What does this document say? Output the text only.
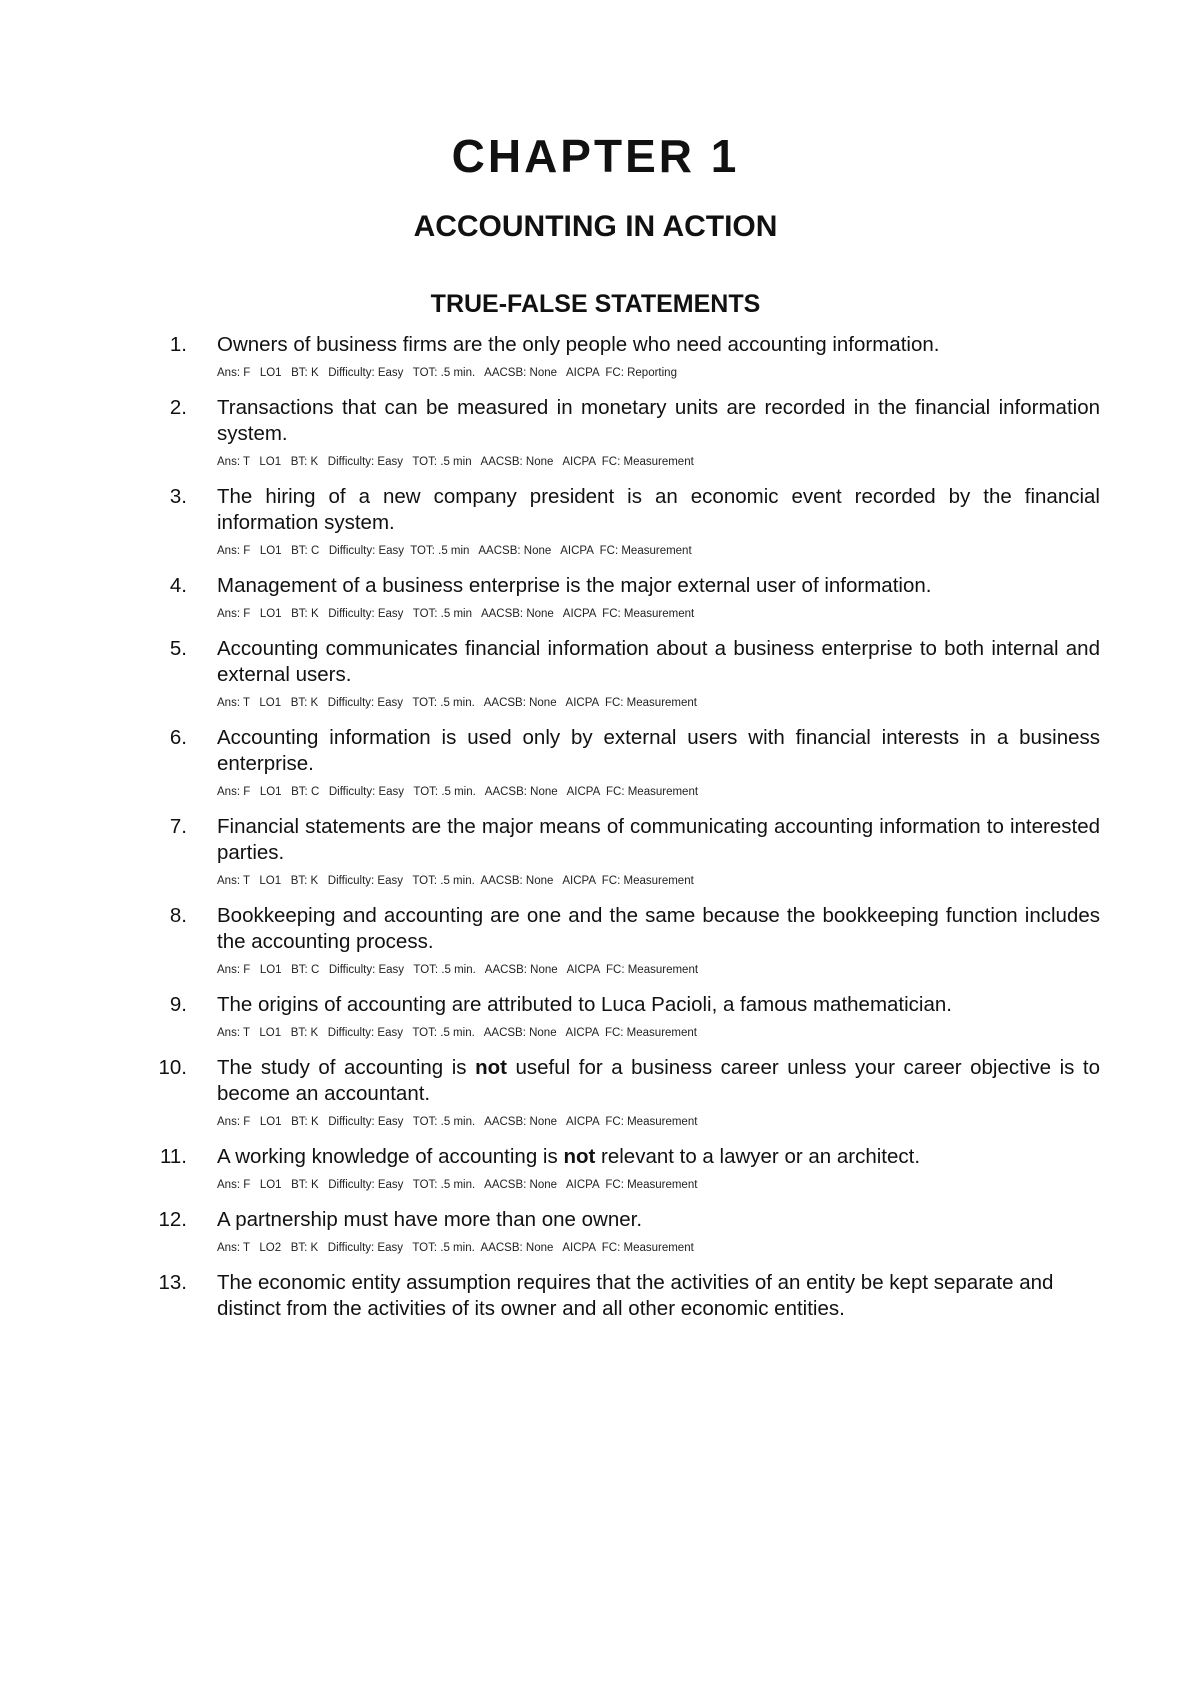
CHAPTER 1
ACCOUNTING IN ACTION
TRUE-FALSE STATEMENTS
1. Owners of business firms are the only people who need accounting information.
Ans: F   LO1   BT: K   Difficulty: Easy   TOT: .5 min.   AACSB: None   AICPA  FC: Reporting
2. Transactions that can be measured in monetary units are recorded in the financial information system.
Ans: T   LO1   BT: K   Difficulty: Easy   TOT: .5 min   AACSB: None   AICPA  FC: Measurement
3. The hiring of a new company president is an economic event recorded by the financial information system.
Ans: F   LO1   BT: C   Difficulty: Easy  TOT: .5 min   AACSB: None   AICPA  FC: Measurement
4. Management of a business enterprise is the major external user of information.
Ans: F   LO1   BT: K   Difficulty: Easy   TOT: .5 min   AACSB: None   AICPA  FC: Measurement
5. Accounting communicates financial information about a business enterprise to both internal and external users.
Ans: T   LO1   BT: K   Difficulty: Easy   TOT: .5 min.   AACSB: None   AICPA  FC: Measurement
6. Accounting information is used only by external users with financial interests in a business enterprise.
Ans: F   LO1   BT: C   Difficulty: Easy   TOT: .5 min.   AACSB: None   AICPA  FC: Measurement
7. Financial statements are the major means of communicating accounting information to interested parties.
Ans: T   LO1   BT: K   Difficulty: Easy   TOT: .5 min.  AACSB: None   AICPA  FC: Measurement
8. Bookkeeping and accounting are one and the same because the bookkeeping function includes the accounting process.
Ans: F   LO1   BT: C   Difficulty: Easy   TOT: .5 min.   AACSB: None   AICPA  FC: Measurement
9. The origins of accounting are attributed to Luca Pacioli, a famous mathematician.
Ans: T   LO1   BT: K   Difficulty: Easy   TOT: .5 min.   AACSB: None   AICPA  FC: Measurement
10. The study of accounting is not useful for a business career unless your career objective is to become an accountant.
Ans: F   LO1   BT: K   Difficulty: Easy   TOT: .5 min.   AACSB: None   AICPA  FC: Measurement
11. A working knowledge of accounting is not relevant to a lawyer or an architect.
Ans: F   LO1   BT: K   Difficulty: Easy   TOT: .5 min.   AACSB: None   AICPA  FC: Measurement
12. A partnership must have more than one owner.
Ans: T   LO2   BT: K   Difficulty: Easy   TOT: .5 min.  AACSB: None   AICPA  FC: Measurement
13. The economic entity assumption requires that the activities of an entity be kept separate and distinct from the activities of its owner and all other economic entities.
